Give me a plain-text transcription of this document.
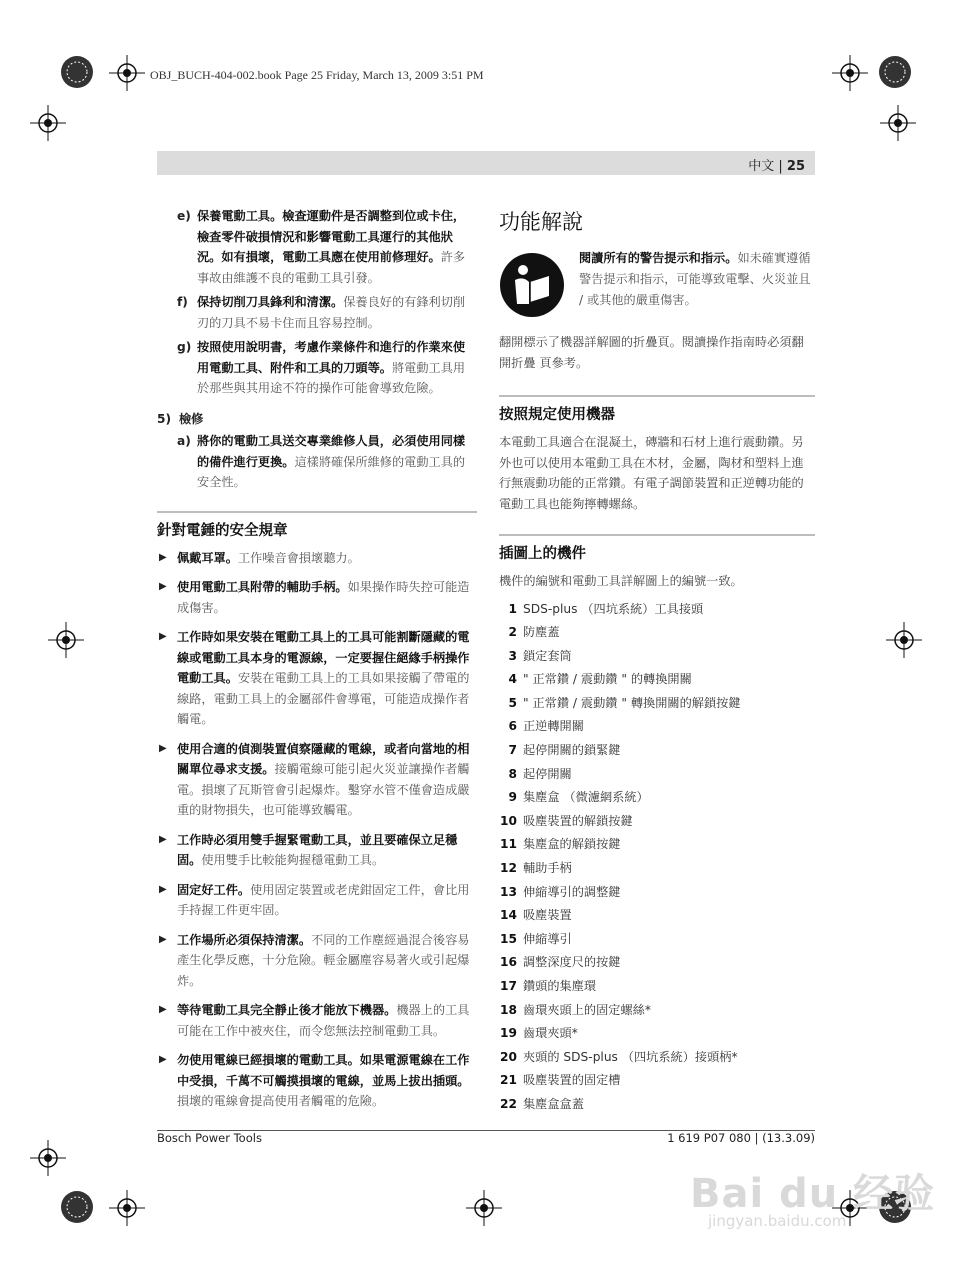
OBJ_BUCH-404-002.book Page 25 Friday, March 13, 2009 3:51 PM
中文 | 25
e) 保養電動工具。檢查運動件是否調整到位或卡住，檢查零件破損情況和影響電動工具運行的其他狀況。如有損壞，電動工具應在使用前修理好。許多事故由維護不良的電動工具引發。
f) 保持切削刀具鋒利和清潔。保養良好的有鋒利切削刃的刀具不易卡住而且容易控制。
g) 按照使用說明書，考慮作業條件和進行的作業來使用電動工具、附件和工具的刀頭等。將電動工具用於那些與其用途不符的操作可能會導致危險。
5) 檢修
a) 將你的電動工具送交專業維修人員，必須使用同樣的備件進行更換。這樣將確保所維修的電動工具的安全性。
針對電錘的安全規章
▶ 佩戴耳罩。工作噪音會損壞聽力。
▶ 使用電動工具附帶的輔助手柄。如果操作時失控可能造成傷害。
▶ 工作時如果安裝在電動工具上的工具可能割斷隱藏的電線或電動工具本身的電源線，一定要握住絕緣手柄操作電動工具。安裝在電動工具上的工具如果接觸了帶電的線路，電動工具上的金屬部件會導電，可能造成操作者觸電。
▶ 使用合適的偵測裝置偵察隱藏的電線，或者向當地的相關單位尋求支援。接觸電線可能引起火災並讓操作者觸電。損壞了瓦斯管會引起爆炸。鑿穿水管不僅會造成嚴重的財物損失，也可能導致觸電。
▶ 工作時必須用雙手握緊電動工具，並且要確保立足穩固。使用雙手比較能夠握穩電動工具。
▶ 固定好工件。使用固定裝置或老虎鉗固定工件，會比用手持握工件更牢固。
▶ 工作場所必須保持清潔。不同的工作塵經過混合後容易產生化學反應，十分危險。輕金屬塵容易著火或引起爆炸。
▶ 等待電動工具完全靜止後才能放下機器。機器上的工具可能在工作中被夾住，而令您無法控制電動工具。
▶ 勿使用電線已經損壞的電動工具。如果電源電線在工作中受損，千萬不可觸摸損壞的電線，並馬上拔出插頭。損壞的電線會提高使用者觸電的危險。
功能解說
閱讀所有的警告提示和指示。如未確實遵循警告提示和指示，可能導致電擊、火災並且 / 或其他的嚴重傷害。
翻開標示了機器詳解圖的折疊頁。閱讀操作指南時必須翻開折疊 頁參考。
按照規定使用機器
本電動工具適合在混凝土，磚牆和石材上進行震動鑽。另外也可以使用本電動工具在木材，金屬，陶材和塑料上進行無震動功能的正常鑽。有電子調節裝置和正逆轉功能的電動工具也能夠擰轉螺絲。
插圖上的機件
機件的編號和電動工具詳解圖上的編號一致。
1 SDS-plus （四坑系統）工具接頭
2 防塵蓋
3 鎖定套筒
4 " 正常鑽 / 震動鑽 " 的轉換開關
5 " 正常鑽 / 震動鑽 " 轉換開關的解鎖按鍵
6 正逆轉開關
7 起停開關的鎖緊鍵
8 起停開關
9 集塵盒 （微濾網系統）
10 吸塵裝置的解鎖按鍵
11 集塵盒的解鎖按鍵
12 輔助手柄
13 伸縮導引的調整鍵
14 吸塵裝置
15 伸縮導引
16 調整深度尺的按鍵
17 鑽頭的集塵環
18 齒環夾頭上的固定螺絲*
19 齒環夾頭*
20 夾頭的 SDS-plus （四坑系統）接頭柄*
21 吸塵裝置的固定槽
22 集塵盒盒蓋
Bosch Power Tools	1 619 P07 080 | (13.3.09)
Bai du 经验
jingyan.baidu.com
